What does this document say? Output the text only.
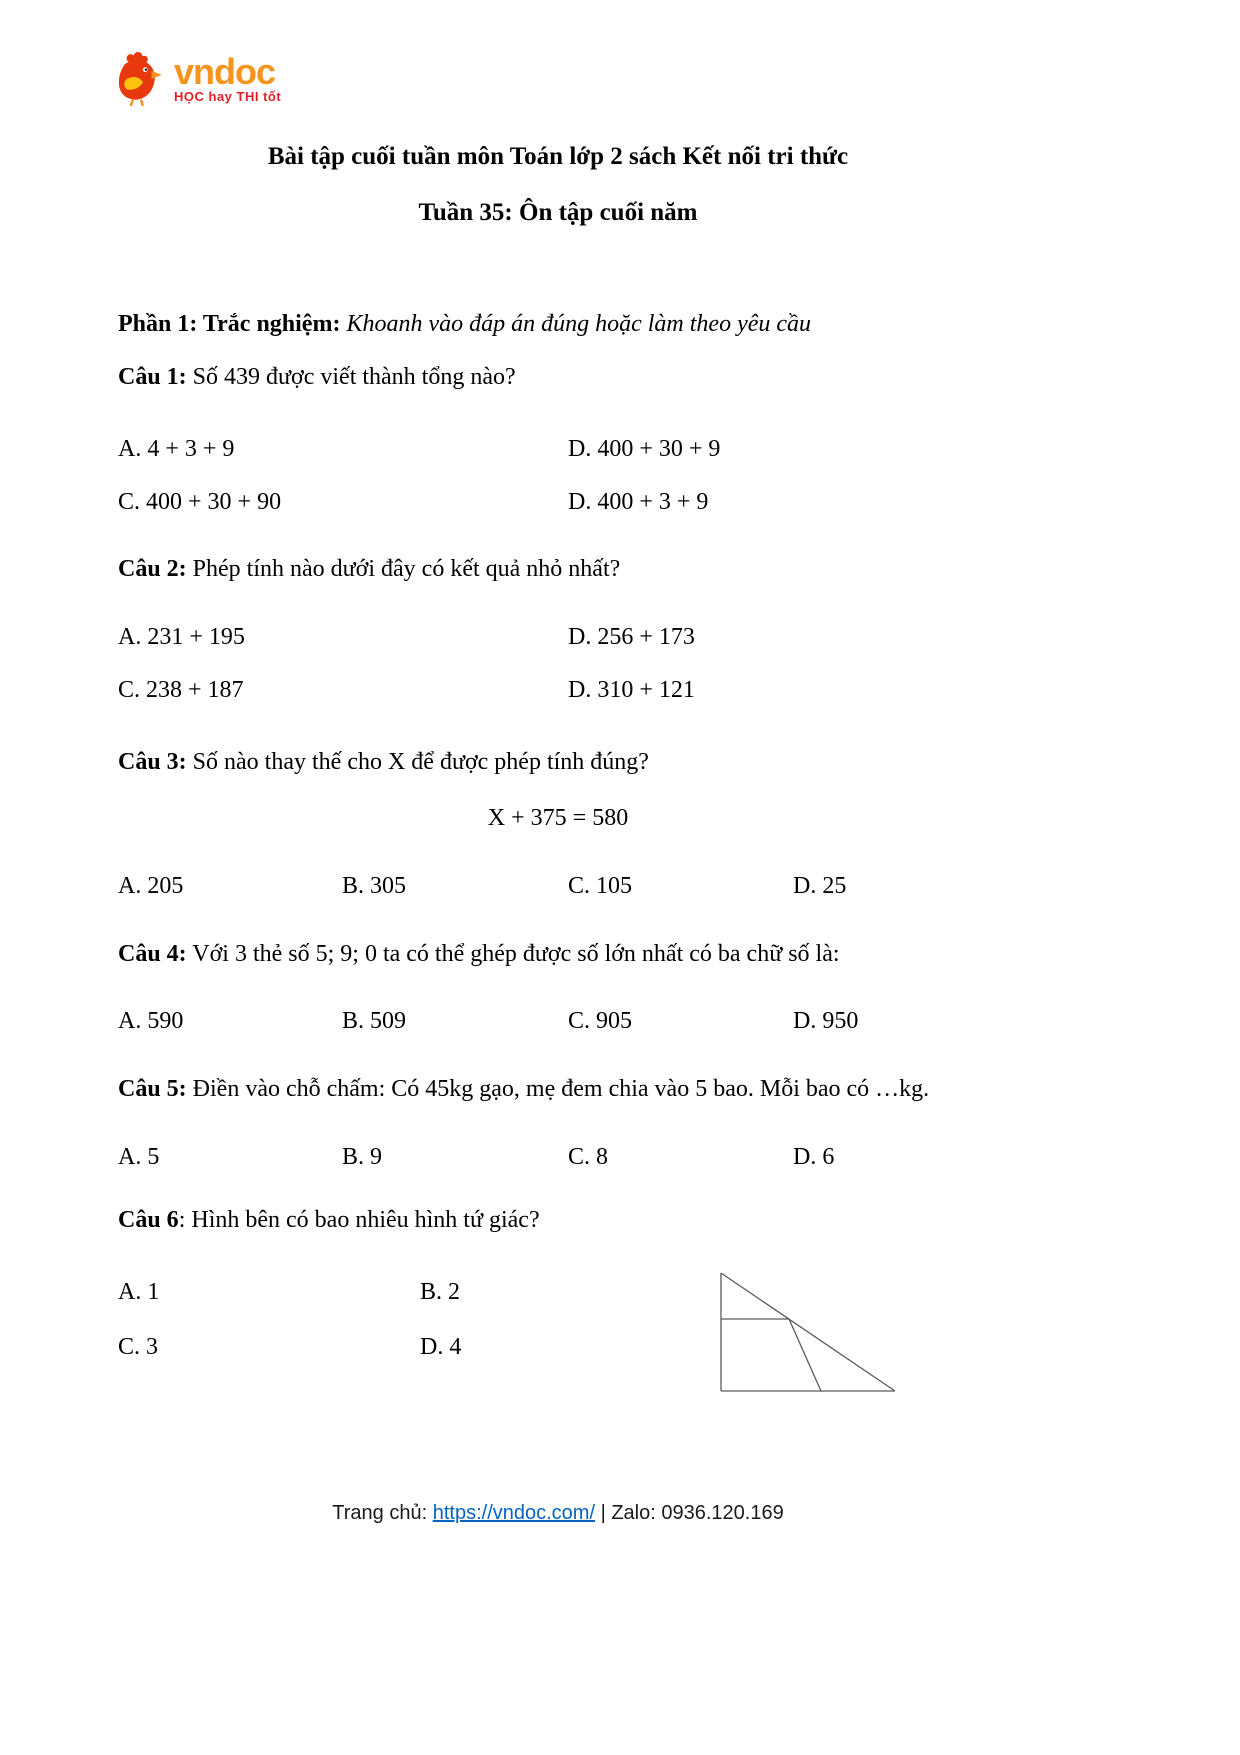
vndoc
HỌC hay THI tốt
Bài tập cuối tuần môn Toán lớp 2 sách Kết nối tri thức
Tuần 35: Ôn tập cuối năm

Phần 1: Trắc nghiệm: Khoanh vào đáp án đúng hoặc làm theo yêu cầu

Câu 1: Số 439 được viết thành tổng nào?

A. 4 + 3 + 9	D. 400 + 30 + 9
C. 400 + 30 + 90	D. 400 + 3 + 9

Câu 2: Phép tính nào dưới đây có kết quả nhỏ nhất?

A. 231 + 195	D. 256 + 173
C. 238 + 187	D. 310 + 121

Câu 3: Số nào thay thế cho X để được phép tính đúng?

X + 375 = 580

A. 205	B. 305	C. 105	D. 25

Câu 4: Với 3 thẻ số 5; 9; 0 ta có thể ghép được số lớn nhất có ba chữ số là:

A. 590	B. 509	C. 905	D. 950

Câu 5: Điền vào chỗ chấm: Có 45kg gạo, mẹ đem chia vào 5 bao. Mỗi bao có …kg.

A. 5	B. 9	C. 8	D. 6

Câu 6: Hình bên có bao nhiêu hình tứ giác?

A. 1	B. 2
C. 3	D. 4
Trang chủ: https://vndoc.com/ | Zalo: 0936.120.169
